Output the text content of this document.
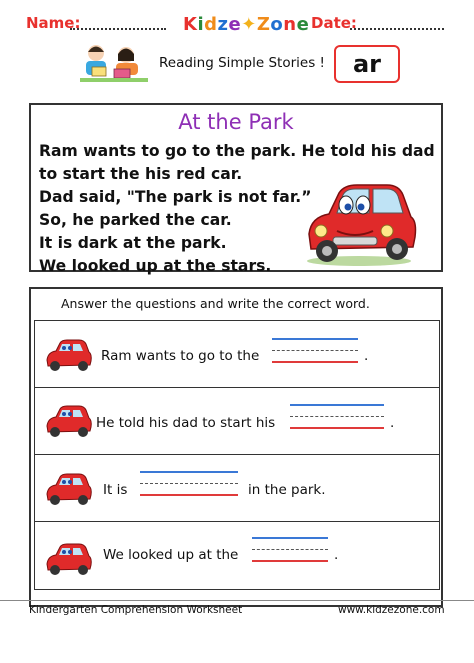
Name:	Kidze✦Zone Date:
Reading Simple Stories ! ar
At the Park
Ram wants to go to the park. He told his dad
to start the his red car.
Dad said, "The park is not far.”
So, he parked the car.
It is dark at the park.
We looked up at the stars.
Answer the questions and write the correct word.
Ram wants to go to the	.
He told his dad to start his	.
It is	in the park.
We looked up at the	.
Kindergarten Comprehension Worksheet	www.kidzezone.com
